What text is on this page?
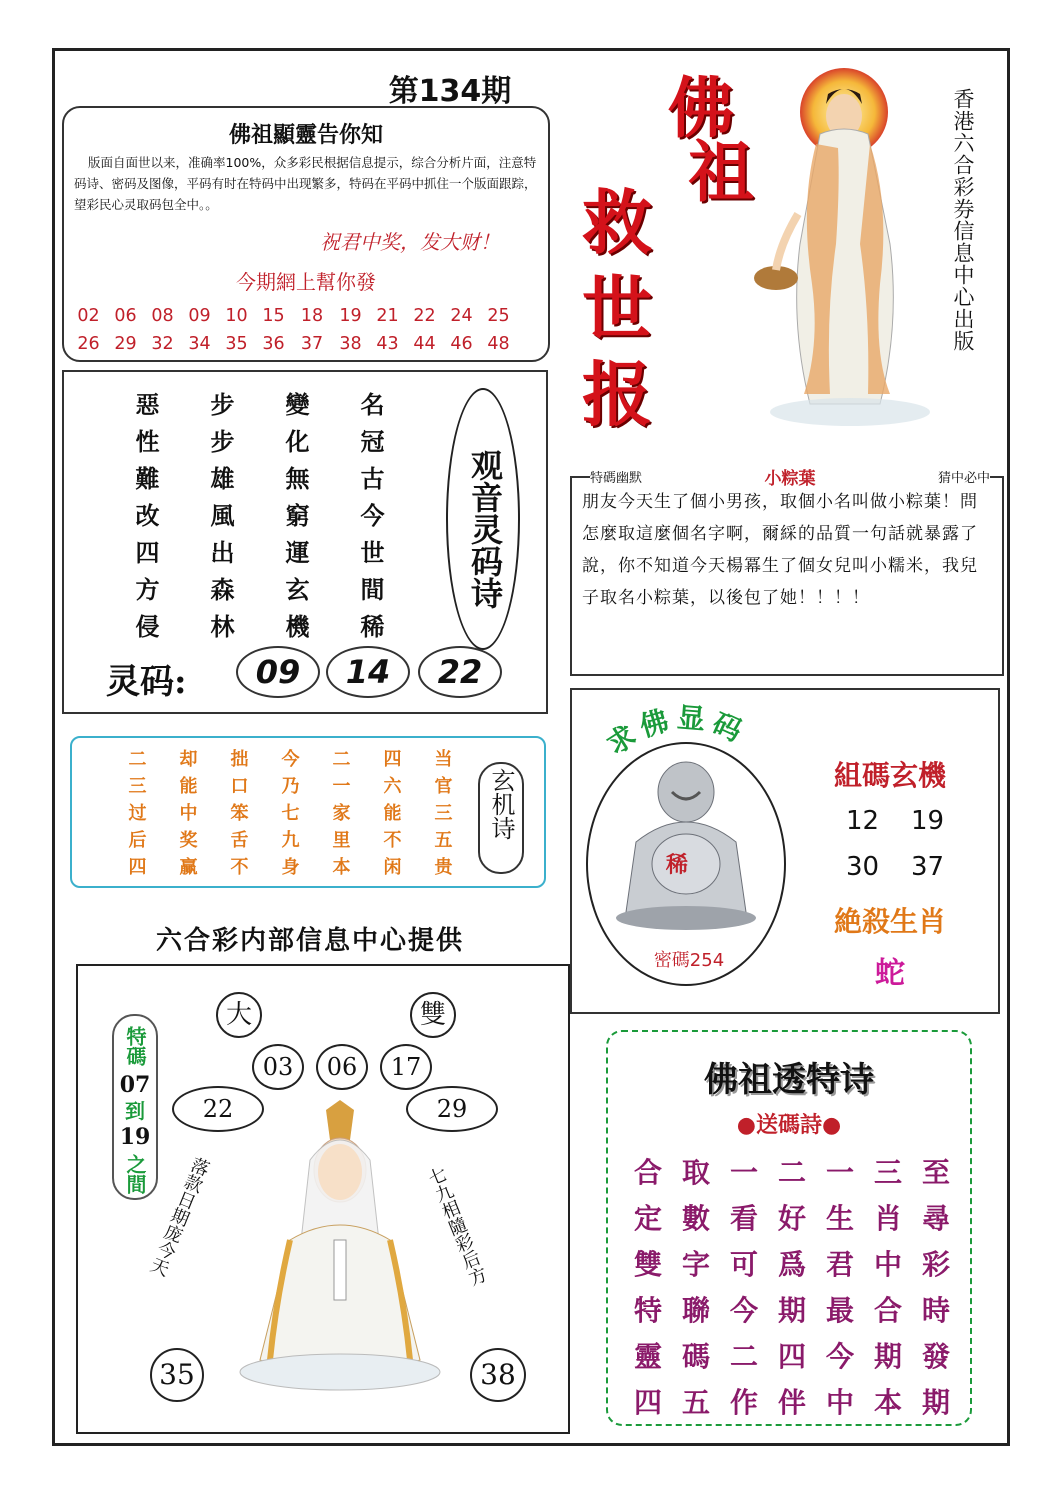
第134期
佛祖顯靈告你知
版面自面世以来，准确率100%，众多彩民根据信息提示，综合分析片面，注意特码诗、密码及图像，平码有时在特码中出现繁多，特码在平码中抓住一个版面跟踪，望彩民心灵取码包全中。。
祝君中奖，发大财！
今期網上幫你發
02 06 08 09 10 15 18 19 21 22 24 25
26 29 32 34 35 36 37 38 43 44 46 48
佛
祖
救
世
报
香港六合彩券信息中心出版
惡	步	變	名
性	步	化	冠
難	雄	無	古
改	風	窮	今
四	出	運	世
方	森	玄	間
侵	林	機	稀
观音灵码诗
灵码:	09	14	22
特碼幽默	小粽葉	猜中必中
朋友今天生了個小男孩，取個小名叫做小粽葉！問怎麼取這麼個名字啊，爾綵的品質一句話就暴露了說，你不知道今天楊冪生了個女兒叫小糯米，我兒子取名小粽葉，以後包了她！！！！
二	却	拙	今	二	四	当
三	能	口	乃	一	六	官
过	中	笨	七	家	能	三
后	奖	舌	九	里	不	五
四	赢	不	身	本	闲	贵
玄机诗
六合彩内部信息中心提供
求佛显码
稀
密碼254
組碼玄機
12	19
30	37
絶殺生肖
蛇
大	雙
03	06	17
22	29
特碼
07
到
19
之間
落款日期庞今天	七九相隨彩后方
35	38
佛祖透特诗
●送碼詩●
合 取 一 二 一 三 至
定 數 看 好 生 肖 尋
雙 字 可 爲 君 中 彩
特 聯 今 期 最 合 時
靈 碼 二 四 今 期 發
四 五 作 伴 中 本 期
